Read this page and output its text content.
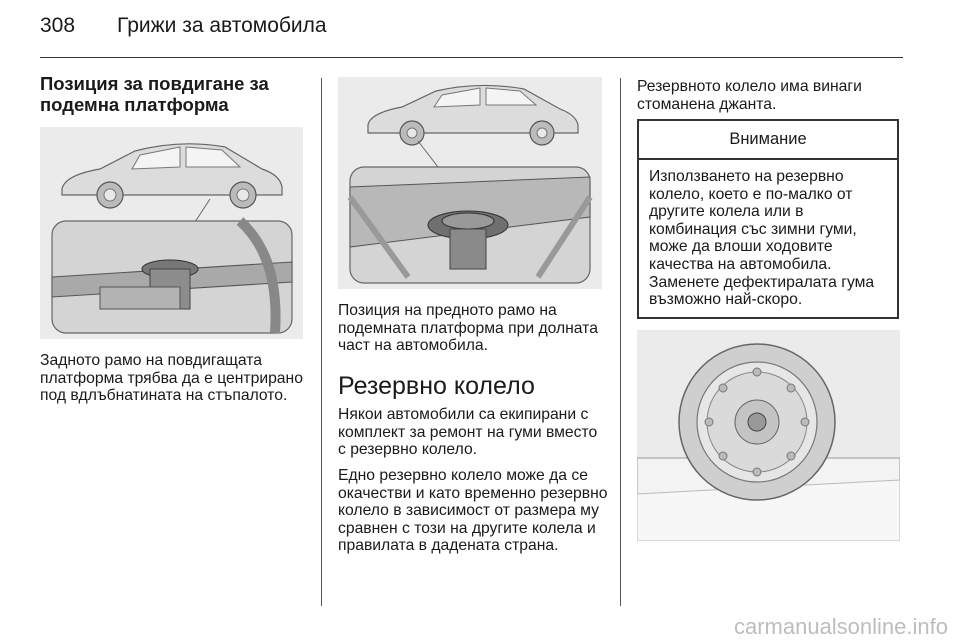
308 Грижи за автомобила
Позиция за повдигане за подемна платформа

Задното рамо на повдигащата платформа трябва да е центрирано под вдлъбнатината на стъпалото.

Позиция на предното рамо на подемната платформа при долната част на автомобила.

Резервно колело

Някои автомобили са екипирани с комплект за ремонт на гуми вместо с резервно колело.

Едно резервно колело може да се окачестви и като временно резервно колело в зависимост от размера му сравнен с този на другите колела и правилата в дадената страна.

Резервното колело има винаги стоманена джанта.

Внимание
Използването на резервно колело, което е по-малко от другите колела или в комбинация със зимни гуми, може да влоши ходовите качества на автомобила. Заменете дефектиралата гума възможно най-скоро.
carmanualsonline.info
